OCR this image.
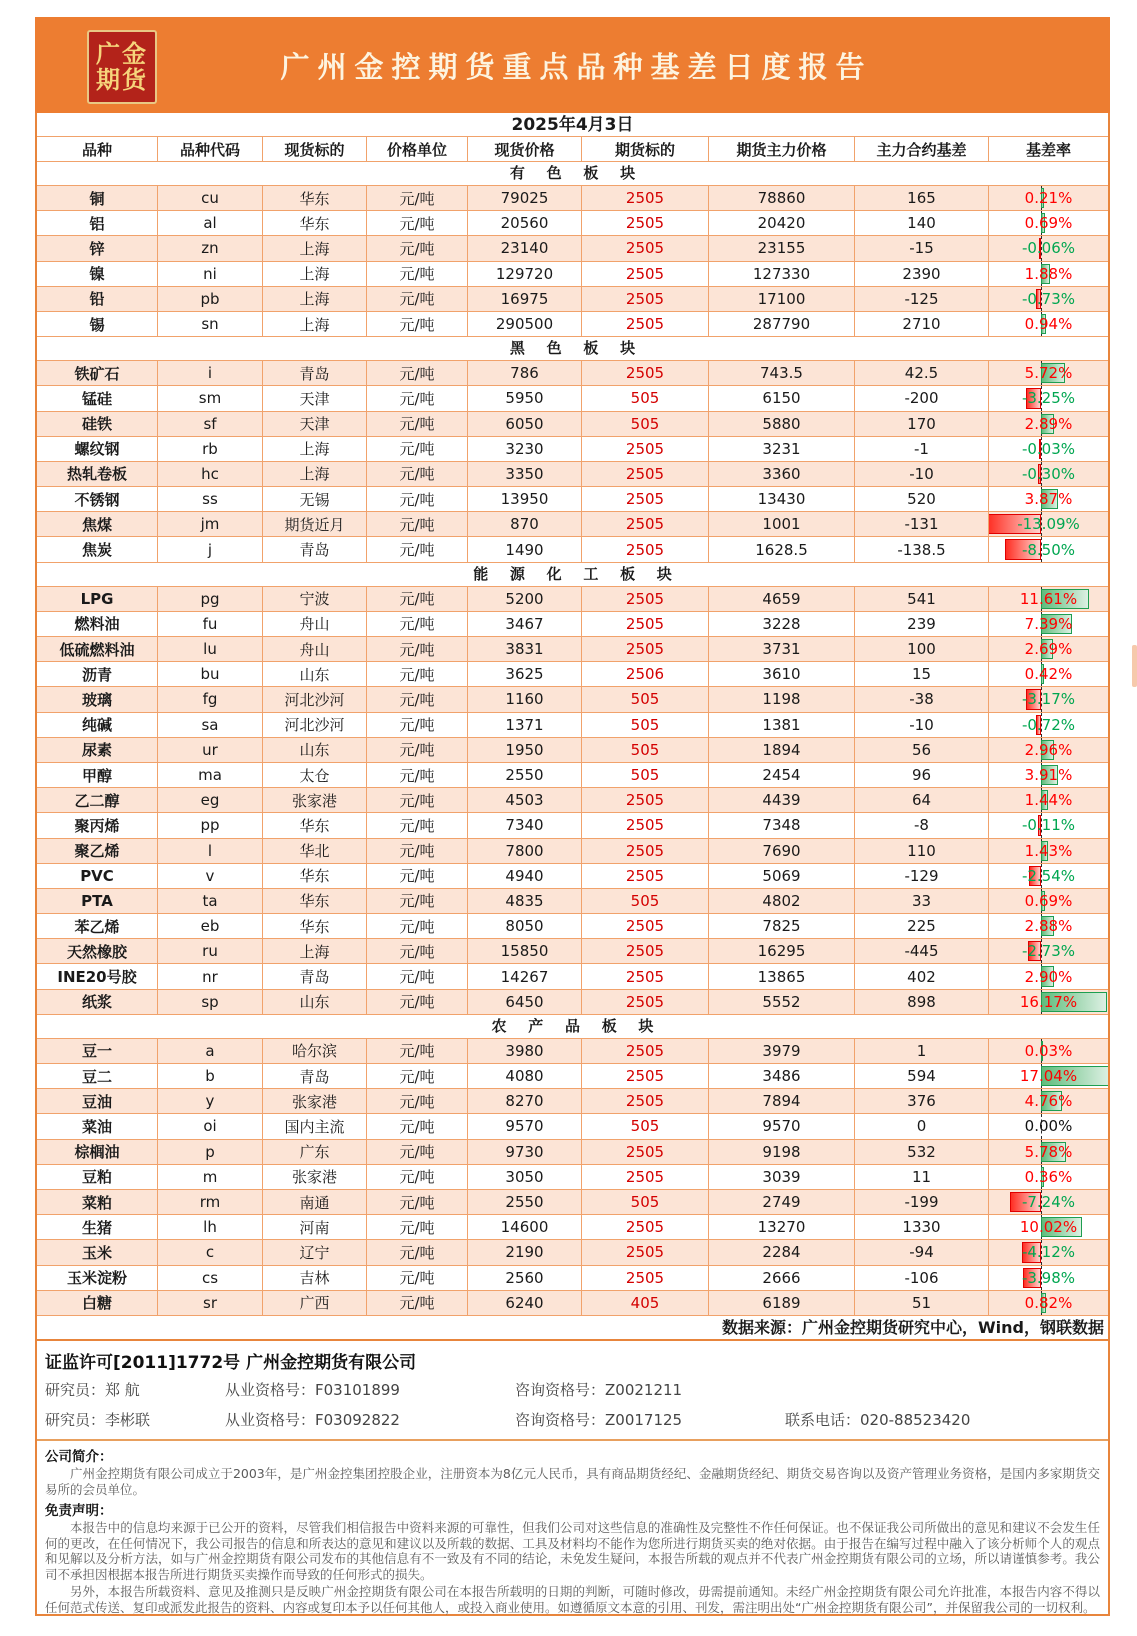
广州金控期货重点品种基差日度报告
广金
期货
2025年4月3日
品种	品种代码	现货标的	价格单位	现货价格	期货标的	期货主力价格	主力合约基差	基差率
有 色 板 块
铜	cu	华东	元/吨	79025	2505	78860	165	0.21%
铝	al	华东	元/吨	20560	2505	20420	140	0.69%
锌	zn	上海	元/吨	23140	2505	23155	-15	-0.06%
镍	ni	上海	元/吨	129720	2505	127330	2390	1.88%
铅	pb	上海	元/吨	16975	2505	17100	-125	-0.73%
锡	sn	上海	元/吨	290500	2505	287790	2710	0.94%
黑 色 板 块
铁矿石	i	青岛	元/吨	786	2505	743.5	42.5	5.72%
锰硅	sm	天津	元/吨	5950	505	6150	-200	-3.25%
硅铁	sf	天津	元/吨	6050	505	5880	170	2.89%
螺纹钢	rb	上海	元/吨	3230	2505	3231	-1	-0.03%
热轧卷板	hc	上海	元/吨	3350	2505	3360	-10	-0.30%
不锈钢	ss	无锡	元/吨	13950	2505	13430	520	3.87%
焦煤	jm	期货近月	元/吨	870	2505	1001	-131	-13.09%
焦炭	j	青岛	元/吨	1490	2505	1628.5	-138.5	-8.50%
能 源 化 工 板 块
LPG	pg	宁波	元/吨	5200	2505	4659	541	11.61%
燃料油	fu	舟山	元/吨	3467	2505	3228	239	7.39%
低硫燃料油	lu	舟山	元/吨	3831	2505	3731	100	2.69%
沥青	bu	山东	元/吨	3625	2506	3610	15	0.42%
玻璃	fg	河北沙河	元/吨	1160	505	1198	-38	-3.17%
纯碱	sa	河北沙河	元/吨	1371	505	1381	-10	-0.72%
尿素	ur	山东	元/吨	1950	505	1894	56	2.96%
甲醇	ma	太仓	元/吨	2550	505	2454	96	3.91%
乙二醇	eg	张家港	元/吨	4503	2505	4439	64	1.44%
聚丙烯	pp	华东	元/吨	7340	2505	7348	-8	-0.11%
聚乙烯	l	华北	元/吨	7800	2505	7690	110	1.43%
PVC	v	华东	元/吨	4940	2505	5069	-129	-2.54%
PTA	ta	华东	元/吨	4835	505	4802	33	0.69%
苯乙烯	eb	华东	元/吨	8050	2505	7825	225	2.88%
天然橡胶	ru	上海	元/吨	15850	2505	16295	-445	-2.73%
INE20号胶	nr	青岛	元/吨	14267	2505	13865	402	2.90%
纸浆	sp	山东	元/吨	6450	2505	5552	898	16.17%
农 产 品 板 块
豆一	a	哈尔滨	元/吨	3980	2505	3979	1	0.03%
豆二	b	青岛	元/吨	4080	2505	3486	594	17.04%
豆油	y	张家港	元/吨	8270	2505	7894	376	4.76%
菜油	oi	国内主流	元/吨	9570	505	9570	0	0.00%
棕榈油	p	广东	元/吨	9730	2505	9198	532	5.78%
豆粕	m	张家港	元/吨	3050	2505	3039	11	0.36%
菜粕	rm	南通	元/吨	2550	505	2749	-199	-7.24%
生猪	lh	河南	元/吨	14600	2505	13270	1330	10.02%
玉米	c	辽宁	元/吨	2190	2505	2284	-94	-4.12%
玉米淀粉	cs	吉林	元/吨	2560	2505	2666	-106	-3.98%
白糖	sr	广西	元/吨	6240	405	6189	51	0.82%
数据来源：广州金控期货研究中心，Wind，钢联数据
证监许可[2011]1772号 广州金控期货有限公司
研究员：郑 航	从业资格号：F03101899	咨询资格号：Z0021211
研究员：李彬联	从业资格号：F03092822	咨询资格号：Z0017125	联系电话：020-88523420
公司简介：

广州金控期货有限公司成立于2003年，是广州金控集团控股企业，注册资本为8亿元人民币，具有商品期货经纪、金融期货经纪、期货交易咨询以及资产管理业务资格，是国内多家期货交易所的会员单位。

免责声明：

本报告中的信息均来源于已公开的资料，尽管我们相信报告中资料来源的可靠性，但我们公司对这些信息的准确性及完整性不作任何保证。也不保证我公司所做出的意见和建议不会发生任何的更改，在任何情况下，我公司报告的信息和所表达的意见和建议以及所载的数据、工具及材料均不能作为您所进行期货买卖的绝对依据。由于报告在编写过程中融入了该分析师个人的观点和见解以及分析方法，如与广州金控期货有限公司发布的其他信息有不一致及有不同的结论，未免发生疑问，本报告所载的观点并不代表广州金控期货有限公司的立场，所以请谨慎参考。我公司不承担因根据本报告所进行期货买卖操作而导致的任何形式的损失。

另外，本报告所载资料、意见及推测只是反映广州金控期货有限公司在本报告所载明的日期的判断，可随时修改，毋需提前通知。未经广州金控期货有限公司允许批准，本报告内容不得以任何范式传送、复印或派发此报告的资料、内容或复印本予以任何其他人，或投入商业使用。如遵循原文本意的引用、刊发，需注明出处“广州金控期货有限公司”，并保留我公司的一切权利。
